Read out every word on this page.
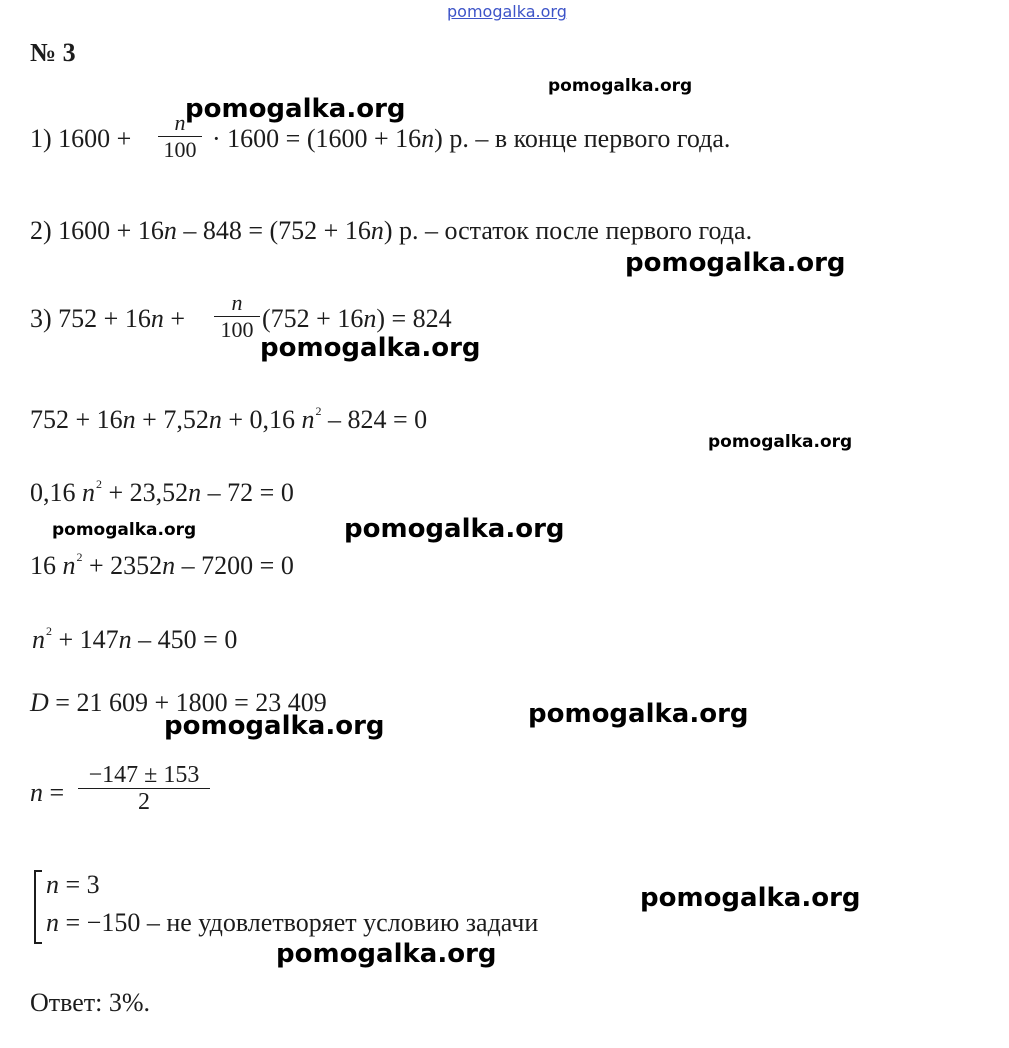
pomogalka.org
№ 3
1) 1600 +
n
100 · 1600 = (1600 + 16n) р. – в конце первого года.
2) 1600 + 16n – 848 = (752 + 16n) р. – остаток после первого года.
3) 752 + 16n +
n
100 (752 + 16n) = 824
752 + 16n + 7,52n + 0,16 $n^2 - 824 = 0$
0,16 $n^2 + 23,52n - 72 = 0$
16 $n^2 + 2352n - 7200 = 0$
$n^2 + 147n - 450 = 0$
D = 21 609 + 1800 = 23 409
n =
−147 ± 153
2
n = 3
n = −150 – не удовлетворяет условию задачи
Ответ: 3%.
pomogalka.org
pomogalka.org
pomogalka.org
pomogalka.org
pomogalka.org
pomogalka.org	pomogalka.org
pomogalka.org	pomogalka.org
pomogalka.org
pomogalka.org
